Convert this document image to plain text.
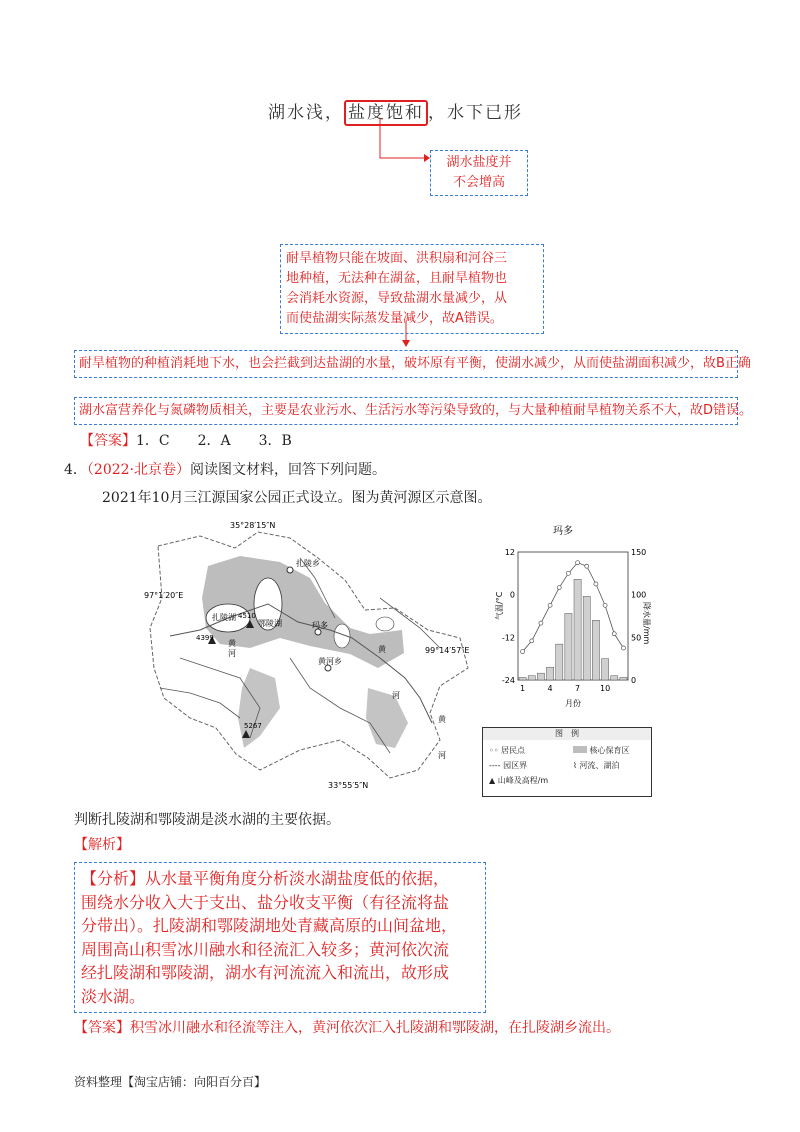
湖水浅， 盐度饱和 ，水下已形
湖水盐度并
不会增高
耐旱植物只能在坡面、洪积扇和河谷三
地种植，无法种在湖盆，且耐旱植物也
会消耗水资源，导致盐湖水量减少，从
而使盐湖实际蒸发量减少，故A错误。
耐旱植物的种植消耗地下水，也会拦截到达盐湖的水量，破坏原有平衡，使湖水减少，从而使盐湖面积减少，故B正确
湖水富营养化与氮磷物质相关，主要是农业污水、生活污水等污染导致的，与大量种植耐旱植物关系不大，故D错误。
【答案】1．C　　2．A　　3．B
4．（2022·北京卷）阅读图文材料，回答下列问题。
2021年10月三江源国家公园正式设立。图为黄河源区示意图。
35°28′15″N
97°1′20″E
99°14′57″E
33°55′5″N
扎陵乡
扎陵湖
鄂陵湖	玛多
黄河乡
黄
河	黄
河
黄
河
4510
4399
5267
玛多
气温/°C	降水量/mm
月份
12
0
-12
-24
150
100
50
0
1	4	7 10
图　例
◦◦ 居民点	核心保育区
---- 园区界	⌇ 河流、湖泊
▲ 山峰及高程/m
判断扎陵湖和鄂陵湖是淡水湖的主要依据。
【解析】
【分析】从水量平衡角度分析淡水湖盐度低的依据，
围绕水分收入大于支出、盐分收支平衡（有径流将盐
分带出）。扎陵湖和鄂陵湖地处青藏高原的山间盆地，
周围高山积雪冰川融水和径流汇入较多；黄河依次流
经扎陵湖和鄂陵湖，湖水有河流流入和流出，故形成
淡水湖。
【答案】积雪冰川融水和径流等注入，黄河依次汇入扎陵湖和鄂陵湖，在扎陵湖乡流出。
资料整理【淘宝店铺：向阳百分百】
